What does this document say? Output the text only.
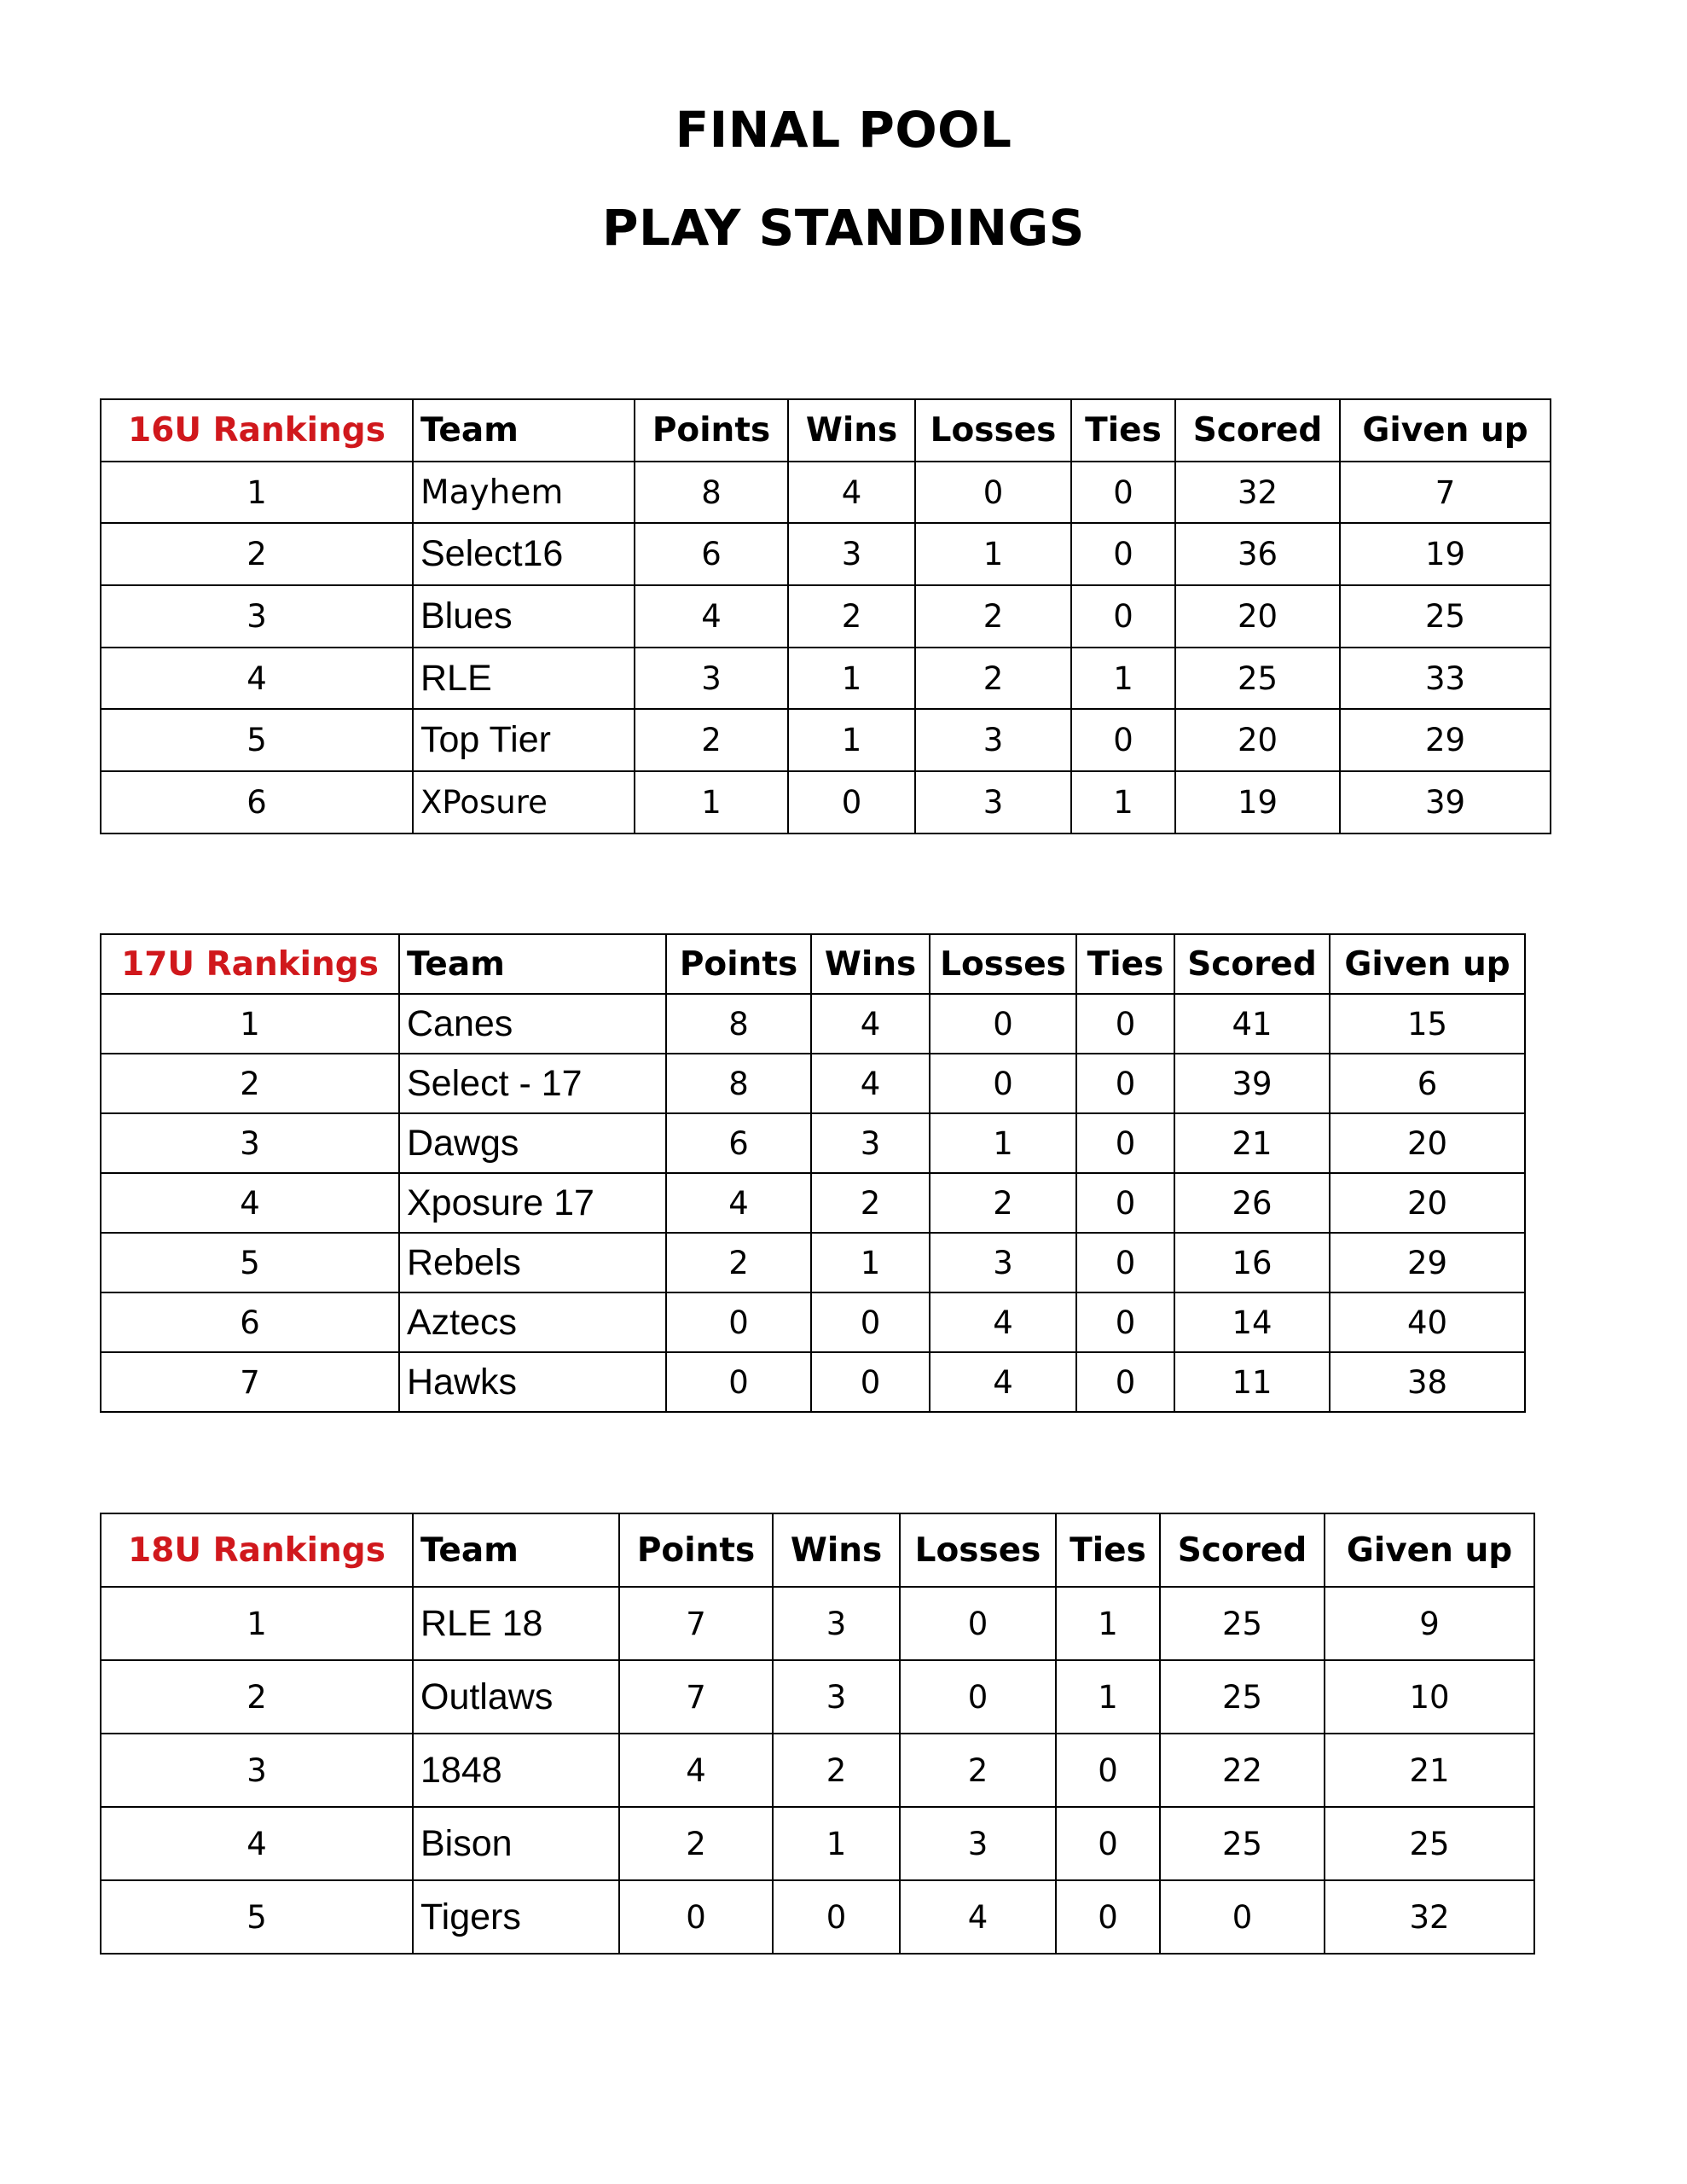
FINAL POOL
PLAY STANDINGS
16U Rankings	Team	Points	Wins	Losses	Ties	Scored	Given up
1	Mayhem	8	4	0	0	32	7
2	Select16	6	3	1	0	36	19
3	Blues	4	2	2	0	20	25
4	RLE	3	1	2	1	25	33
5	Top Tier	2	1	3	0	20	29
6	XPosure	1	0	3	1	19	39
17U Rankings	Team	Points	Wins	Losses	Ties	Scored	Given up
1	Canes	8	4	0	0	41	15
2	Select - 17	8	4	0	0	39	6
3	Dawgs	6	3	1	0	21	20
4	Xposure 17	4	2	2	0	26	20
5	Rebels	2	1	3	0	16	29
6	Aztecs	0	0	4	0	14	40
7	Hawks	0	0	4	0	11	38
18U Rankings	Team	Points	Wins	Losses	Ties	Scored	Given up
1	RLE 18	7	3	0	1	25	9
2	Outlaws	7	3	0	1	25	10
3	1848	4	2	2	0	22	21
4	Bison	2	1	3	0	25	25
5	Tigers	0	0	4	0	0	32
